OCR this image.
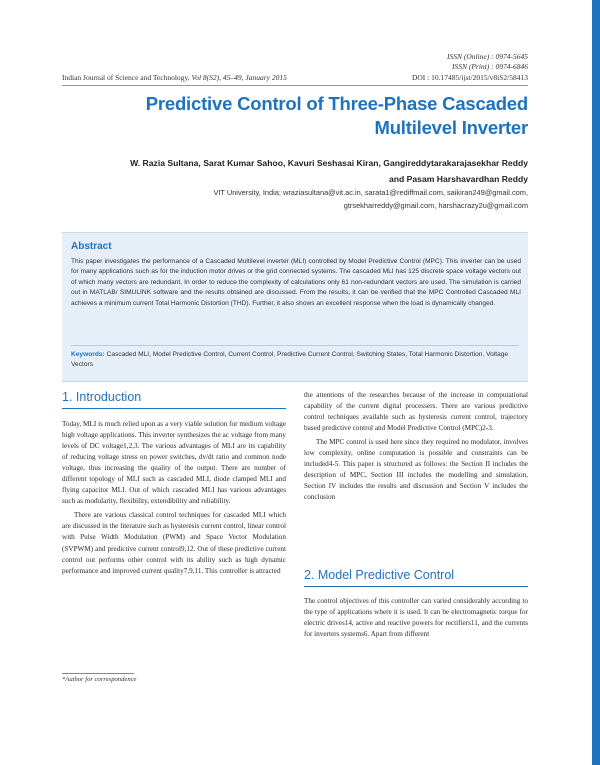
ISSN (Online) : 0974-5645
ISSN (Print) : 0974-6846
Indian Journal of Science and Technology, Vol 8(S2), 45–49, January 2015	DOI : 10.17485/ijst/2015/v8iS2/58413
Predictive Control of Three-Phase Cascaded Multilevel Inverter
W. Razia Sultana, Sarat Kumar Sahoo, Kavuri Seshasai Kiran, Gangireddytarakarajasekhar Reddy
and Pasam Harshavardhan Reddy
VIT University, India; wraziasultana@vit.ac.in, sarata1@rediffmail.com, saikiran249@gmail.com,
gtrsekharreddy@gmail.com, harshacrazy2u@gmail.com
Abstract
This paper investigates the performance of a Cascaded Multilevel inverter (MLI) controlled by Model Predictive Control (MPC). This inverter can be used for many applications such as for the induction motor drives or the grid connected systems. The cascaded MLI has 125 discrete space voltage vectors out of which many vectors are redundant. In order to reduce the complexity of calculations only 61 non-redundant vectors are used. The simulation is carried out in MATLAB/ SIMULINK software and the results obtained are discussed. From the results, it can be verified that the MPC Controlled Cascaded MLI achieves a minimum current Total Harmonic Distortion (THD). Further, it also shows an excellent response when the load is dynamically changed.
Keywords: Cascaded MLI, Model Predictive Control, Current Control, Predictive Current Control, Switching States, Total Harmonic Distortion, Voltage Vectors
1. Introduction

Today, MLI is much relied upon as a very viable solution for medium voltage high voltage applications. This inverter synthesizes the ac voltage from many levels of DC voltage1,2,3. The various advantages of MLI are its capability of reducing voltage stress on power switches, dv/dt ratio and common node voltage, thus increasing the quality of the output. There are number of different topology of MLI such as cascaded MLI, diode clamped MLI and flying capacitor MLI. Out of which cascaded MLI has various advantages such as modularity, flexibility, extendibility and reliability.

There are various classical control techniques for cascaded MLI which are discussed in the literature such as hysteresis current control, linear control with Pulse Width Modulation (PWM) and Space Vector Modulation (SVPWM) and predictive current control9,12. Out of these predictive current control out performs other control with its ability such as high dynamic performance and improved current quality7,9,11. This controller is attracted

the attentions of the researches because of the increase in computational capability of the current digital processers. There are various predictive control techniques available such as hysteresis current control, trajectory based predictive control and Model Predictive Control (MPC)2-3.

The MPC control is used here since they required no modulator, involves low complexity, online computation is possible and constraints can be included4-5. This paper is structured as follows: the Section II includes the description of MPC, Section III includes the modelling and simulation, Section IV includes the results and discussion and Section V includes the conclusion

2. Model Predictive Control

The control objectives of this controller can varied considerably according to the type of applications where it is used. It can be electromagnetic torque for electric drives14, active and reactive powers for rectifiers11, and the currents for inverters systems6. Apart from different

*Author for correspondence
